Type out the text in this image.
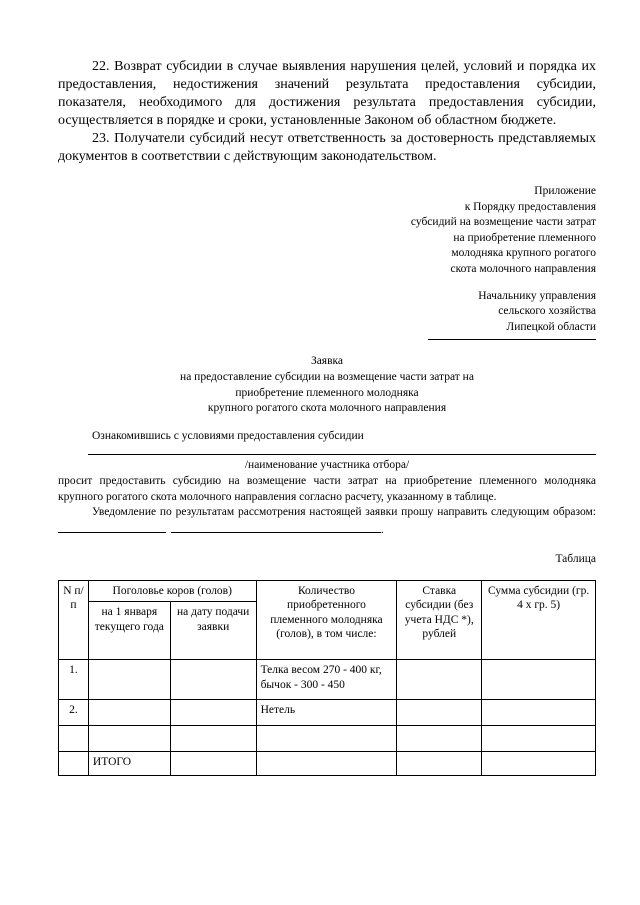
22. Возврат субсидии в случае выявления нарушения целей, условий и порядка их предоставления, недостижения значений результата предоставления субсидии, показателя, необходимого для достижения результата предоставления субсидии, осуществляется в порядке и сроки, установленные Законом об областном бюджете.

23. Получатели субсидий несут ответственность за достоверность представляемых документов в соответствии с действующим законодательством.

Приложение
к Порядку предоставления
субсидий на возмещение части затрат
на приобретение племенного
молодняка крупного рогатого
скота молочного направления
Начальнику управления
сельского хозяйства
Липецкой области
Заявка
на предоставление субсидии на возмещение части затрат на
приобретение племенного молодняка
крупного рогатого скота молочного направления

Ознакомившись с условиями предоставления субсидии

/наименование участника отбора/

просит предоставить субсидию на возмещение части затрат на приобретение племенного молодняка крупного рогатого скота молочного направления согласно расчету, указанному в таблице.

Уведомление по результатам рассмотрения настоящей заявки прошу направить следующим образом:  .

Таблица
N п/п	Поголовье коров (голов)		Количество приобретенного племенного молодняка (голов), в том числе:	Ставка субсидии (без учета НДС *), рублей	Сумма субсидии (гр. 4 x гр. 5)
	на 1 января текущего года	на дату подачи заявки			
1.			Телка весом 270 - 400 кг, бычок - 300 - 450		
2.			Нетель		

	ИТОГО				
